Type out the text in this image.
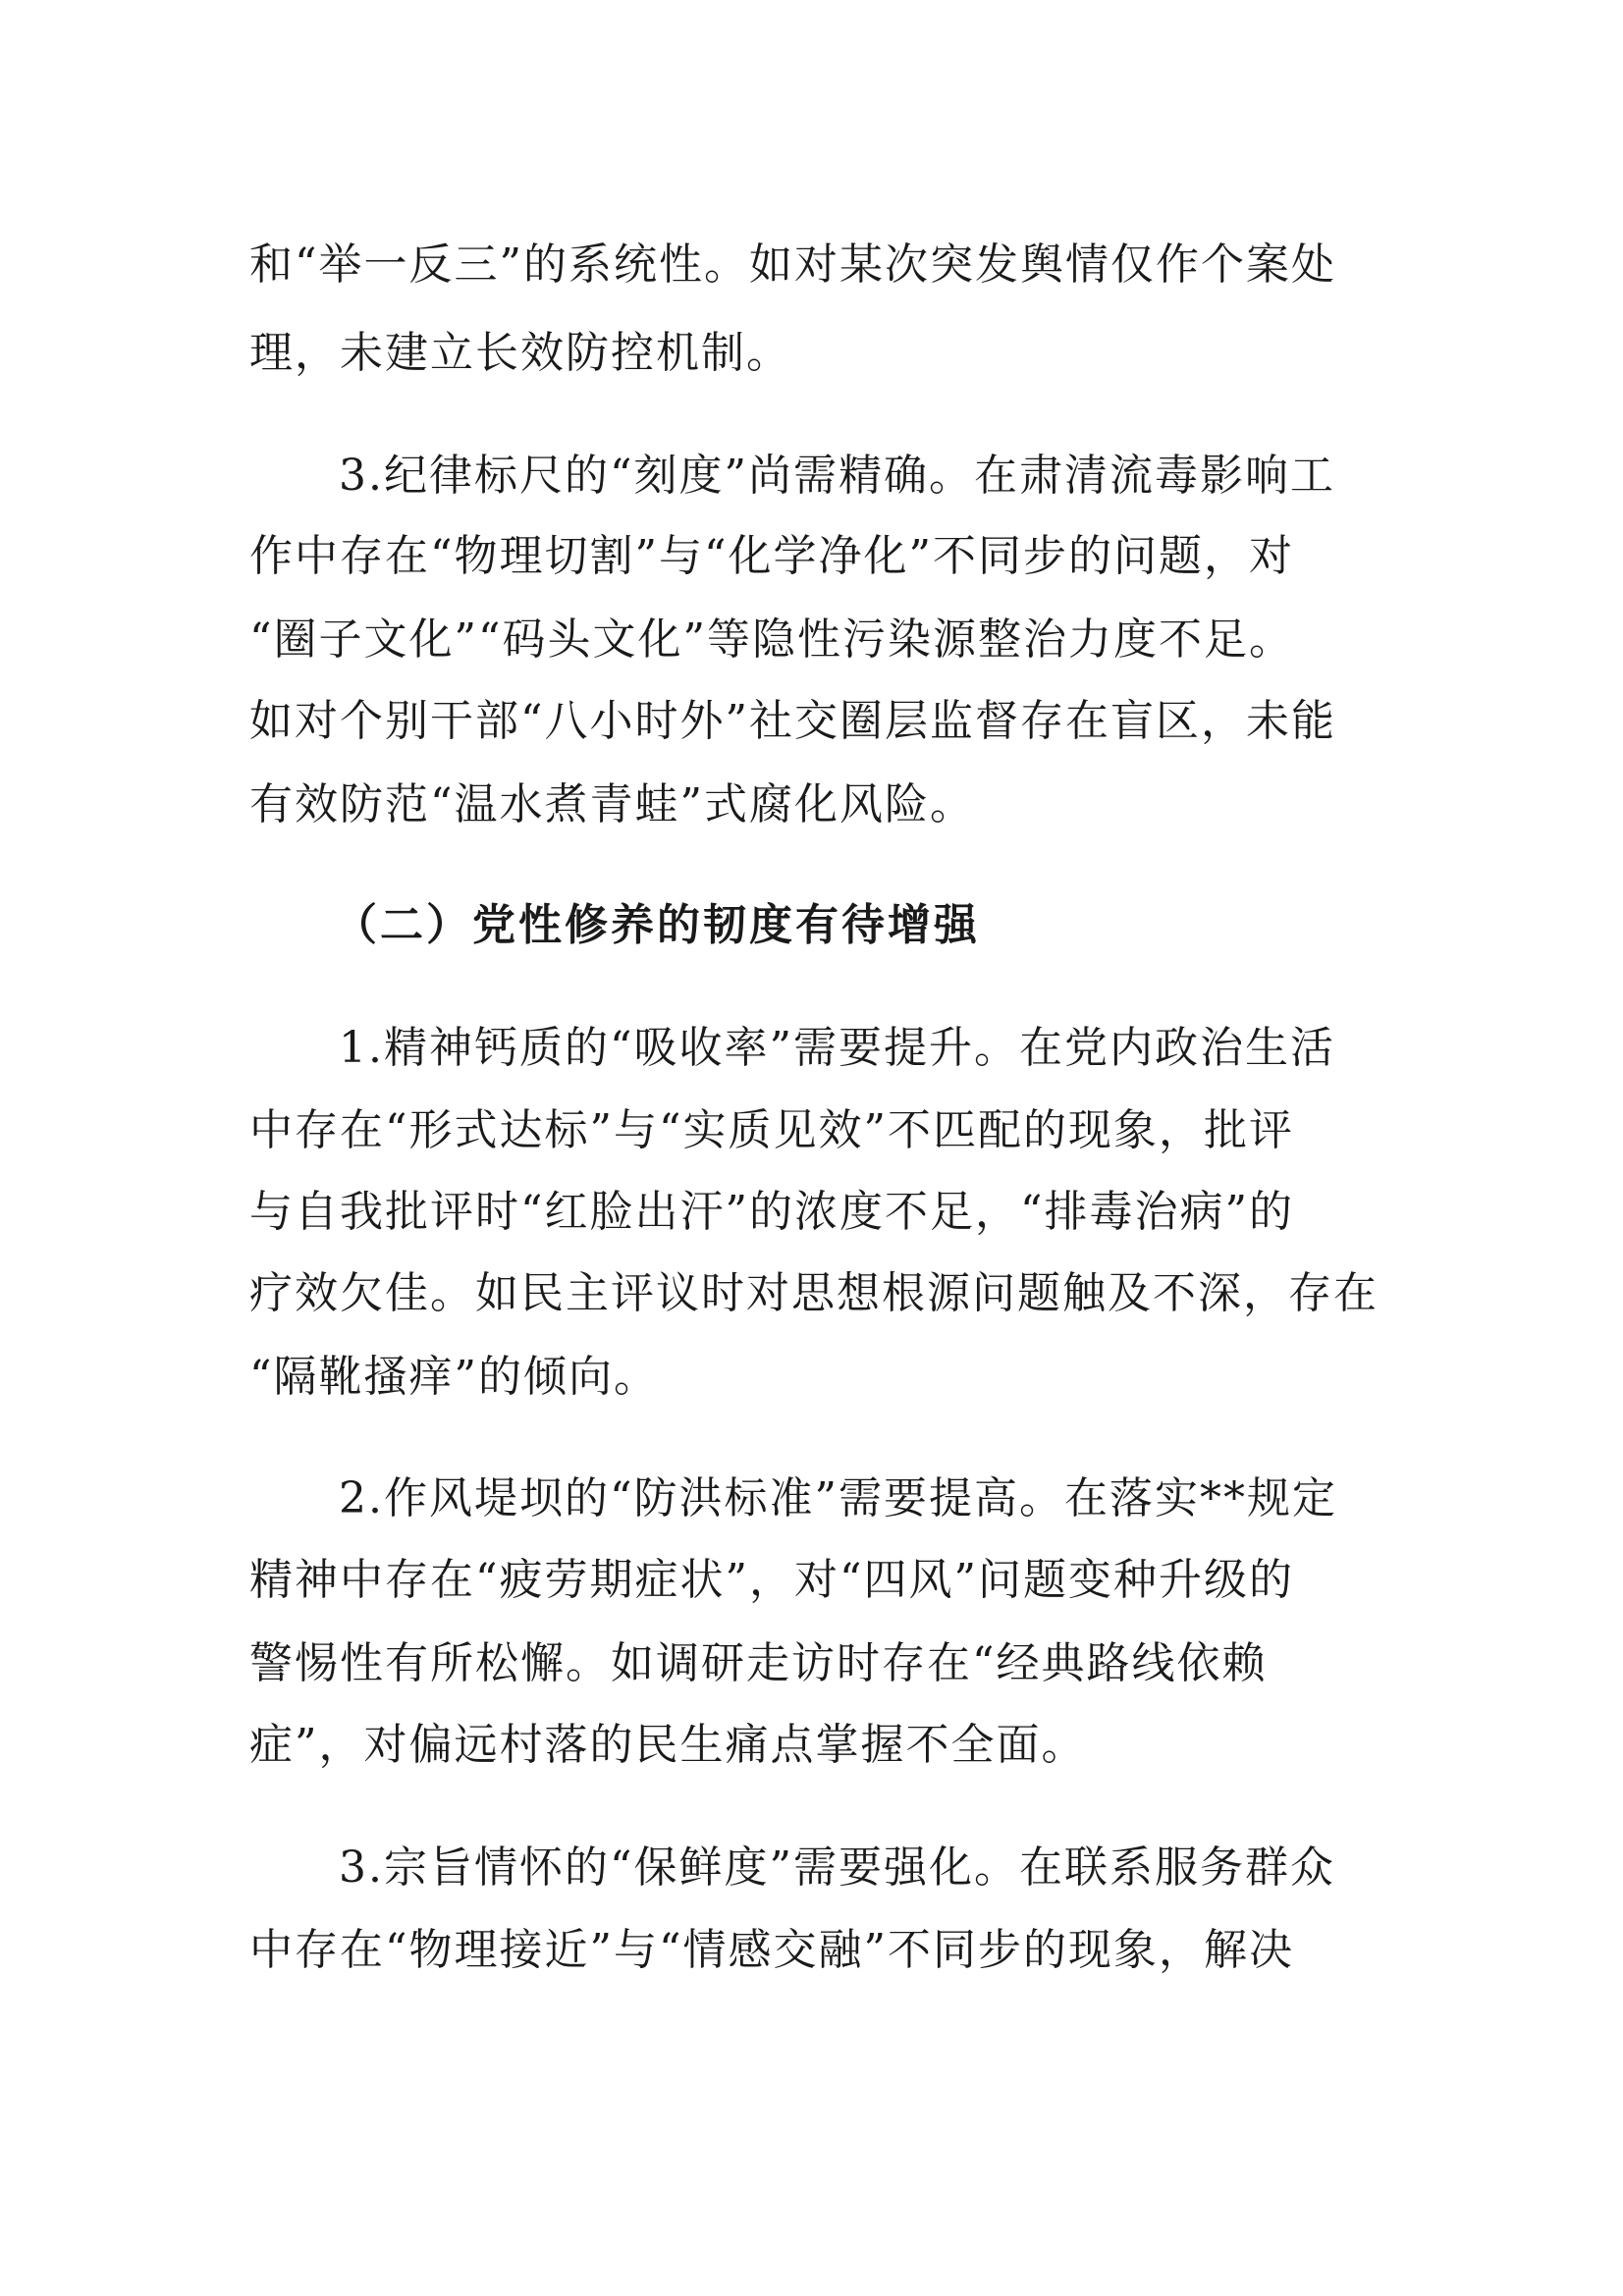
和“举一反三”的系统性。如对某次突发舆情仅作个案处
理，未建立长效防控机制。
3.纪律标尺的“刻度”尚需精确。在肃清流毒影响工
作中存在“物理切割”与“化学净化”不同步的问题，对
“圈子文化”“码头文化”等隐性污染源整治力度不足。
如对个别干部“八小时外”社交圈层监督存在盲区，未能
有效防范“温水煮青蛙”式腐化风险。
（二）党性修养的韧度有待增强
1.精神钙质的“吸收率”需要提升。在党内政治生活
中存在“形式达标”与“实质见效”不匹配的现象，批评
与自我批评时“红脸出汗”的浓度不足，“排毒治病”的
疗效欠佳。如民主评议时对思想根源问题触及不深，存在
“隔靴搔痒”的倾向。
2.作风堤坝的“防洪标准”需要提高。在落实**规定
精神中存在“疲劳期症状”，对“四风”问题变种升级的
警惕性有所松懈。如调研走访时存在“经典路线依赖
症”，对偏远村落的民生痛点掌握不全面。
3.宗旨情怀的“保鲜度”需要强化。在联系服务群众
中存在“物理接近”与“情感交融”不同步的现象，解决
